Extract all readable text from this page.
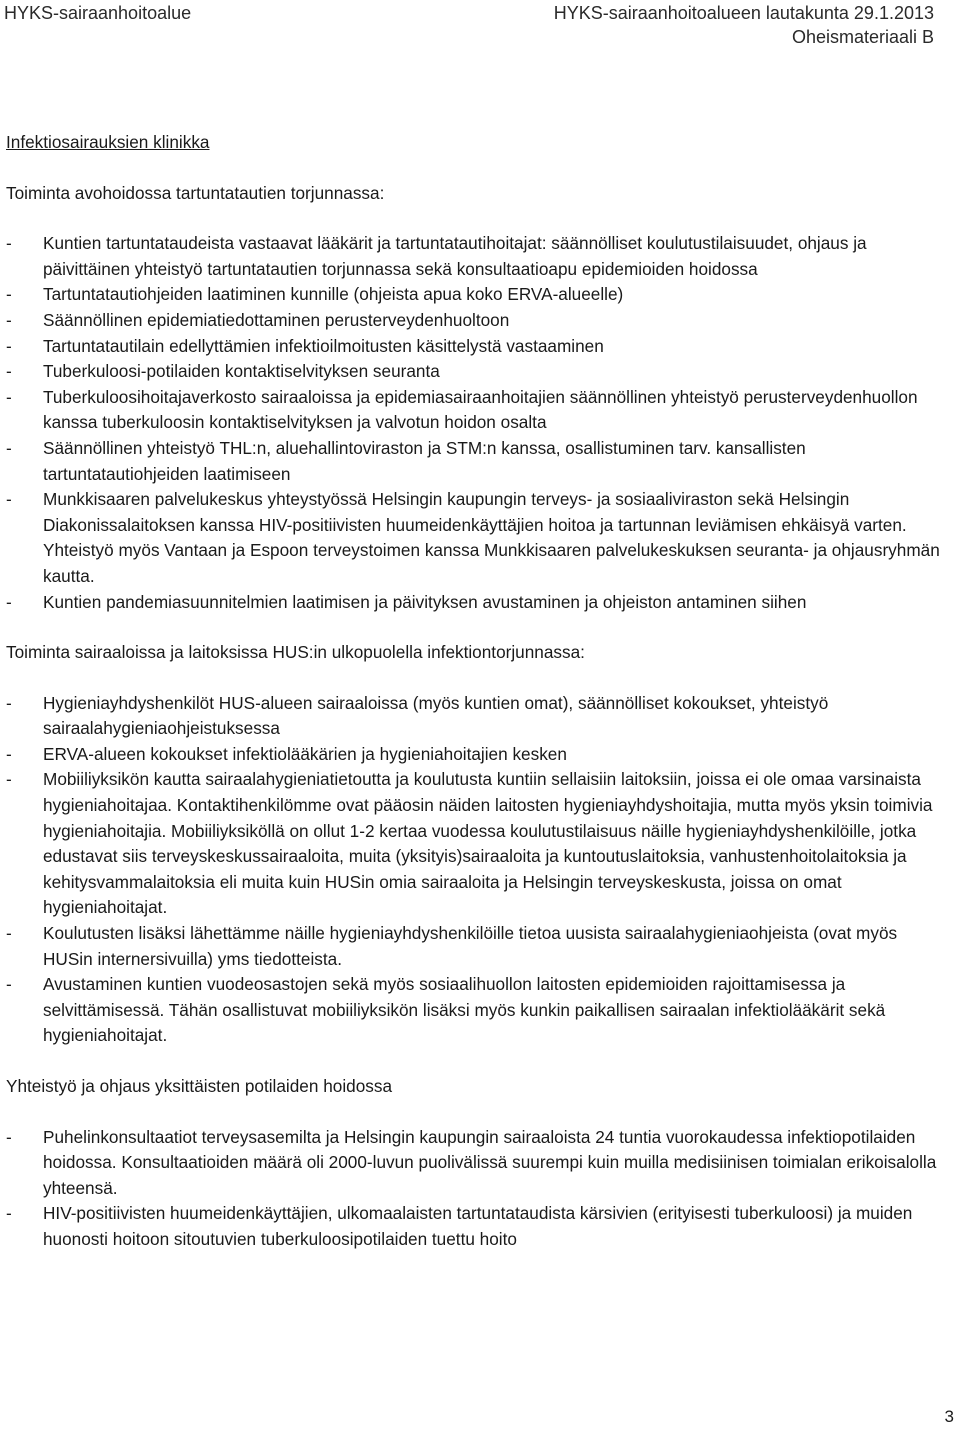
HYKS-sairaanhoitoalue	HYKS-sairaanhoitoalueen lautakunta 29.1.2013
Oheismateriaali B
Infektiosairauksien klinikka
Toiminta avohoidossa tartuntatautien torjunnassa:
- Kuntien tartuntataudeista vastaavat lääkärit ja tartuntatautihoitajat: säännölliset koulutustilaisuudet, ohjaus ja päivittäinen yhteistyö tartuntatautien torjunnassa sekä konsultaatioapu epidemioiden hoidossa
- Tartuntatautiohjeiden laatiminen kunnille (ohjeista apua koko ERVA-alueelle)
- Säännöllinen epidemiatiedottaminen perusterveydenhuoltoon
- Tartuntatautilain edellyttämien infektioilmoitusten käsittelystä vastaaminen
- Tuberkuloosi-potilaiden kontaktiselvityksen seuranta
- Tuberkuloosihoitajaverkosto sairaaloissa ja epidemiasairaanhoitajien säännöllinen yhteistyö perusterveydenhuollon kanssa tuberkuloosin kontaktiselvityksen ja valvotun hoidon osalta
- Säännöllinen yhteistyö THL:n, aluehallintoviraston ja STM:n kanssa, osallistuminen tarv. kansallisten tartuntatautiohjeiden laatimiseen
- Munkkisaaren palvelukeskus yhteystyössä Helsingin kaupungin terveys- ja sosiaaliviraston sekä Helsingin Diakonissalaitoksen kanssa HIV-positiivisten huumeidenkäyttäjien hoitoa ja tartunnan leviämisen ehkäisyä varten. Yhteistyö myös Vantaan ja Espoon terveystoimen kanssa Munkkisaaren palvelukeskuksen seuranta- ja ohjausryhmän kautta.
- Kuntien pandemiasuunnitelmien laatimisen ja päivityksen avustaminen ja ohjeiston antaminen siihen
Toiminta sairaaloissa ja laitoksissa HUS:in ulkopuolella infektiontorjunnassa:
- Hygieniayhdyshenkilöt HUS-alueen sairaaloissa (myös kuntien omat), säännölliset kokoukset, yhteistyö sairaalahygieniaohjeistuksessa
- ERVA-alueen kokoukset infektiolääkärien ja hygieniahoitajien kesken
- Mobiiliyksikön kautta sairaalahygieniatietoutta ja koulutusta kuntiin sellaisiin laitoksiin, joissa ei ole omaa varsinaista hygieniahoitajaa. Kontaktihenkilömme ovat pääosin näiden laitosten hygieniayhdyshoitajia, mutta myös yksin toimivia hygieniahoitajia. Mobiiliyksiköllä on ollut 1-2 kertaa vuodessa koulutustilaisuus näille hygieniayhdyshenkilöille, jotka edustavat siis terveyskeskussairaaloita, muita (yksityis)sairaaloita ja kuntoutuslaitoksia, vanhustenhoitolaitoksia ja kehitysvammalaitoksia eli muita kuin HUSin omia sairaaloita ja Helsingin terveyskeskusta, joissa on omat hygieniahoitajat.
- Koulutusten lisäksi lähettämme näille hygieniayhdyshenkilöille tietoa uusista sairaalahygieniaohjeista (ovat myös HUSin internersivuilla) yms tiedotteista.
- Avustaminen kuntien vuodeosastojen sekä myös sosiaalihuollon laitosten epidemioiden rajoittamisessa ja selvittämisessä. Tähän osallistuvat mobiiliyksikön lisäksi myös kunkin paikallisen sairaalan infektiolääkärit sekä hygieniahoitajat.
Yhteistyö ja ohjaus yksittäisten potilaiden hoidossa
- Puhelinkonsultaatiot terveysasemilta ja Helsingin kaupungin sairaaloista 24 tuntia vuorokaudessa infektiopotilaiden hoidossa. Konsultaatioiden määrä oli 2000-luvun puolivälissä suurempi kuin muilla medisiinisen toimialan erikoisalolla yhteensä.
- HIV-positiivisten huumeidenkäyttäjien, ulkomaalaisten tartuntataudista kärsivien (erityisesti tuberkuloosi) ja muiden huonosti hoitoon sitoutuvien tuberkuloosipotilaiden tuettu hoito
3
